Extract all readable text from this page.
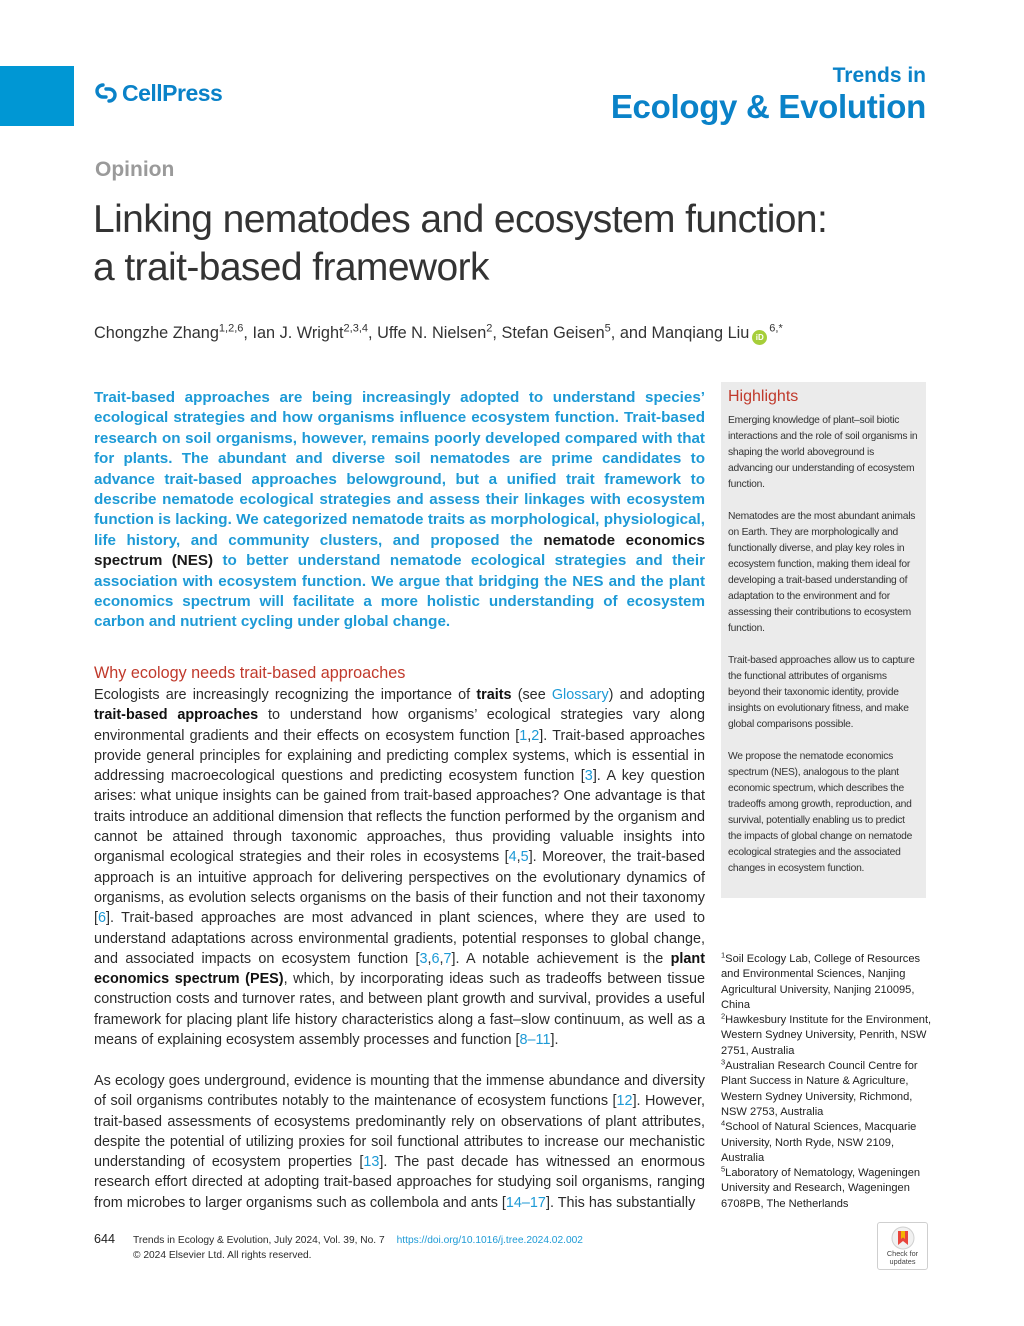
CellPress
Trends in
Ecology & Evolution
Opinion
Linking nematodes and ecosystem function:
a trait-based framework
Chongzhe Zhang$^{1,2,6}$, Ian J. Wright$^{2,3,4}$, Uffe N. Nielsen$^2$, Stefan Geisen$^5$, and Manqiang Liu $iD^{6,*}$
Trait-based approaches are being increasingly adopted to understand species’ ecological strategies and how organisms influence ecosystem function. Trait-based research on soil organisms, however, remains poorly developed compared with that for plants. The abundant and diverse soil nematodes are prime candidates to advance trait-based approaches belowground, but a unified trait framework to describe nematode ecological strategies and assess their linkages with ecosystem function is lacking. We categorized nematode traits as morphological, physiological, life history, and community clusters, and proposed the nematode economics spectrum (NES) to better understand nematode ecological strategies and their association with ecosystem function. We argue that bridging the NES and the plant economics spectrum will facilitate a more holistic understanding of ecosystem carbon and nutrient cycling under global change.
Why ecology needs trait-based approaches
Ecologists are increasingly recognizing the importance of traits (see Glossary) and adopting trait-based approaches to understand how organisms’ ecological strategies vary along environmental gradients and their effects on ecosystem function [1,2]. Trait-based approaches provide general principles for explaining and predicting complex systems, which is essential in addressing macroecological questions and predicting ecosystem function [3]. A key question arises: what unique insights can be gained from trait-based approaches? One advantage is that traits introduce an additional dimension that reflects the function performed by the organism and cannot be attained through taxonomic approaches, thus providing valuable insights into organismal ecological strategies and their roles in ecosystems [4,5]. Moreover, the trait-based approach is an intuitive approach for delivering perspectives on the evolutionary dynamics of organisms, as evolution selects organisms on the basis of their function and not their taxonomy [6]. Trait-based approaches are most advanced in plant sciences, where they are used to understand adaptations across environmental gradients, potential responses to global change, and associated impacts on ecosystem function [3,6,7]. A notable achievement is the plant economics spectrum (PES), which, by incorporating ideas such as tradeoffs between tissue construction costs and turnover rates, and between plant growth and survival, provides a useful framework for placing plant life history characteristics along a fast–slow continuum, as well as a means of explaining ecosystem assembly processes and function [8–11].
As ecology goes underground, evidence is mounting that the immense abundance and diversity of soil organisms contributes notably to the maintenance of ecosystem functions [12]. However, trait-based assessments of ecosystems predominantly rely on observations of plant attributes, despite the potential of utilizing proxies for soil functional attributes to increase our mechanistic understanding of ecosystem properties [13]. The past decade has witnessed an enormous research effort directed at adopting trait-based approaches for studying soil organisms, ranging from microbes to larger organisms such as collembola and ants [14–17]. This has substantially
Highlights

Emerging knowledge of plant–soil biotic interactions and the role of soil organisms in shaping the world aboveground is advancing our understanding of ecosystem function.

Nematodes are the most abundant animals on Earth. They are morphologically and functionally diverse, and play key roles in ecosystem function, making them ideal for developing a trait-based understanding of adaptation to the environment and for assessing their contributions to ecosystem function.

Trait-based approaches allow us to capture the functional attributes of organisms beyond their taxonomic identity, provide insights on evolutionary fitness, and make global comparisons possible.

We propose the nematode economics spectrum (NES), analogous to the plant economic spectrum, which describes the tradeoffs among growth, reproduction, and survival, potentially enabling us to predict the impacts of global change on nematode ecological strategies and the associated changes in ecosystem function.

$^1$Soil Ecology Lab, College of Resources and Environmental Sciences, Nanjing Agricultural University, Nanjing 210095, China
$^2$Hawkesbury Institute for the Environment, Western Sydney University, Penrith, NSW 2751, Australia
$^3$Australian Research Council Centre for Plant Success in Nature & Agriculture, Western Sydney University, Richmond, NSW 2753, Australia
$^4$School of Natural Sciences, Macquarie University, North Ryde, NSW 2109, Australia
$^5$Laboratory of Nematology, Wageningen University and Research, Wageningen 6708PB, The Netherlands
644 Trends in Ecology & Evolution, July 2024, Vol. 39, No. 7 https://doi.org/10.1016/j.tree.2024.02.002
© 2024 Elsevier Ltd. All rights reserved.	Check for
updates
